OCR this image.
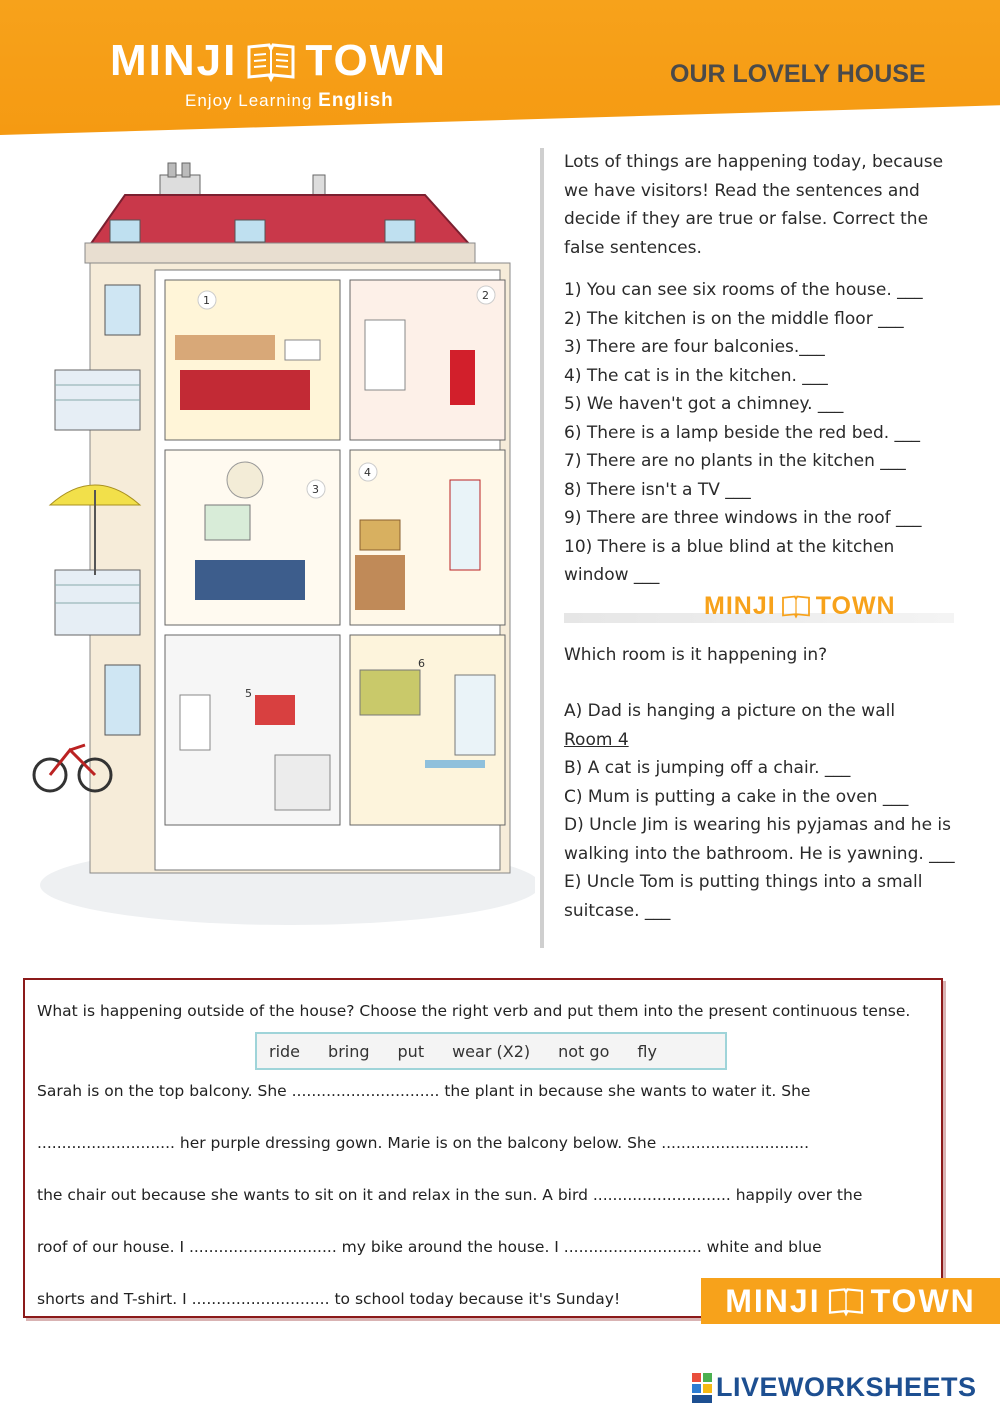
MINJI TOWN
Enjoy Learning English
OUR LOVELY HOUSE
1	2
3
4
5
6

Lots of things are happening today, because we have visitors! Read the sentences and decide if they are true or false. Correct the false sentences.

1) You can see six rooms of the house. ___
2) The kitchen is on the middle floor ___
3) There are four balconies.___
4) The cat is in the kitchen. ___
5) We haven't got a chimney. ___
6) There is a lamp beside the red bed. ___
7) There are no plants in the kitchen ___
8) There isn't a TV ___
9) There are three windows in the roof ___
10) There is a blue blind at the kitchen window ___
MINJI TOWN

Which room is it happening in?

A) Dad is hanging a picture on the wall

Room 4

B) A cat is jumping off a chair. ___

C) Mum is putting a cake in the oven ___

D) Uncle Jim is wearing his pyjamas and he is walking into the bathroom. He is yawning. ___

E) Uncle Tom is putting things into a small suitcase. ___

What is happening outside of the house? Choose the right verb and put them into the present continuous tense.

ride bring put wear (X2) not go fly
Sarah is on the top balcony. She .............................. the plant in because she wants to water it. She
............................ her purple dressing gown. Marie is on the balcony below. She ..............................
the chair out because she wants to sit on it and relax in the sun. A bird ............................ happily over the
roof of our house. I .............................. my bike around the house. I ............................ white and blue
shorts and T-shirt. I ............................ to school today because it's Sunday!	MINJI TOWN
LIVEWORKSHEETS
